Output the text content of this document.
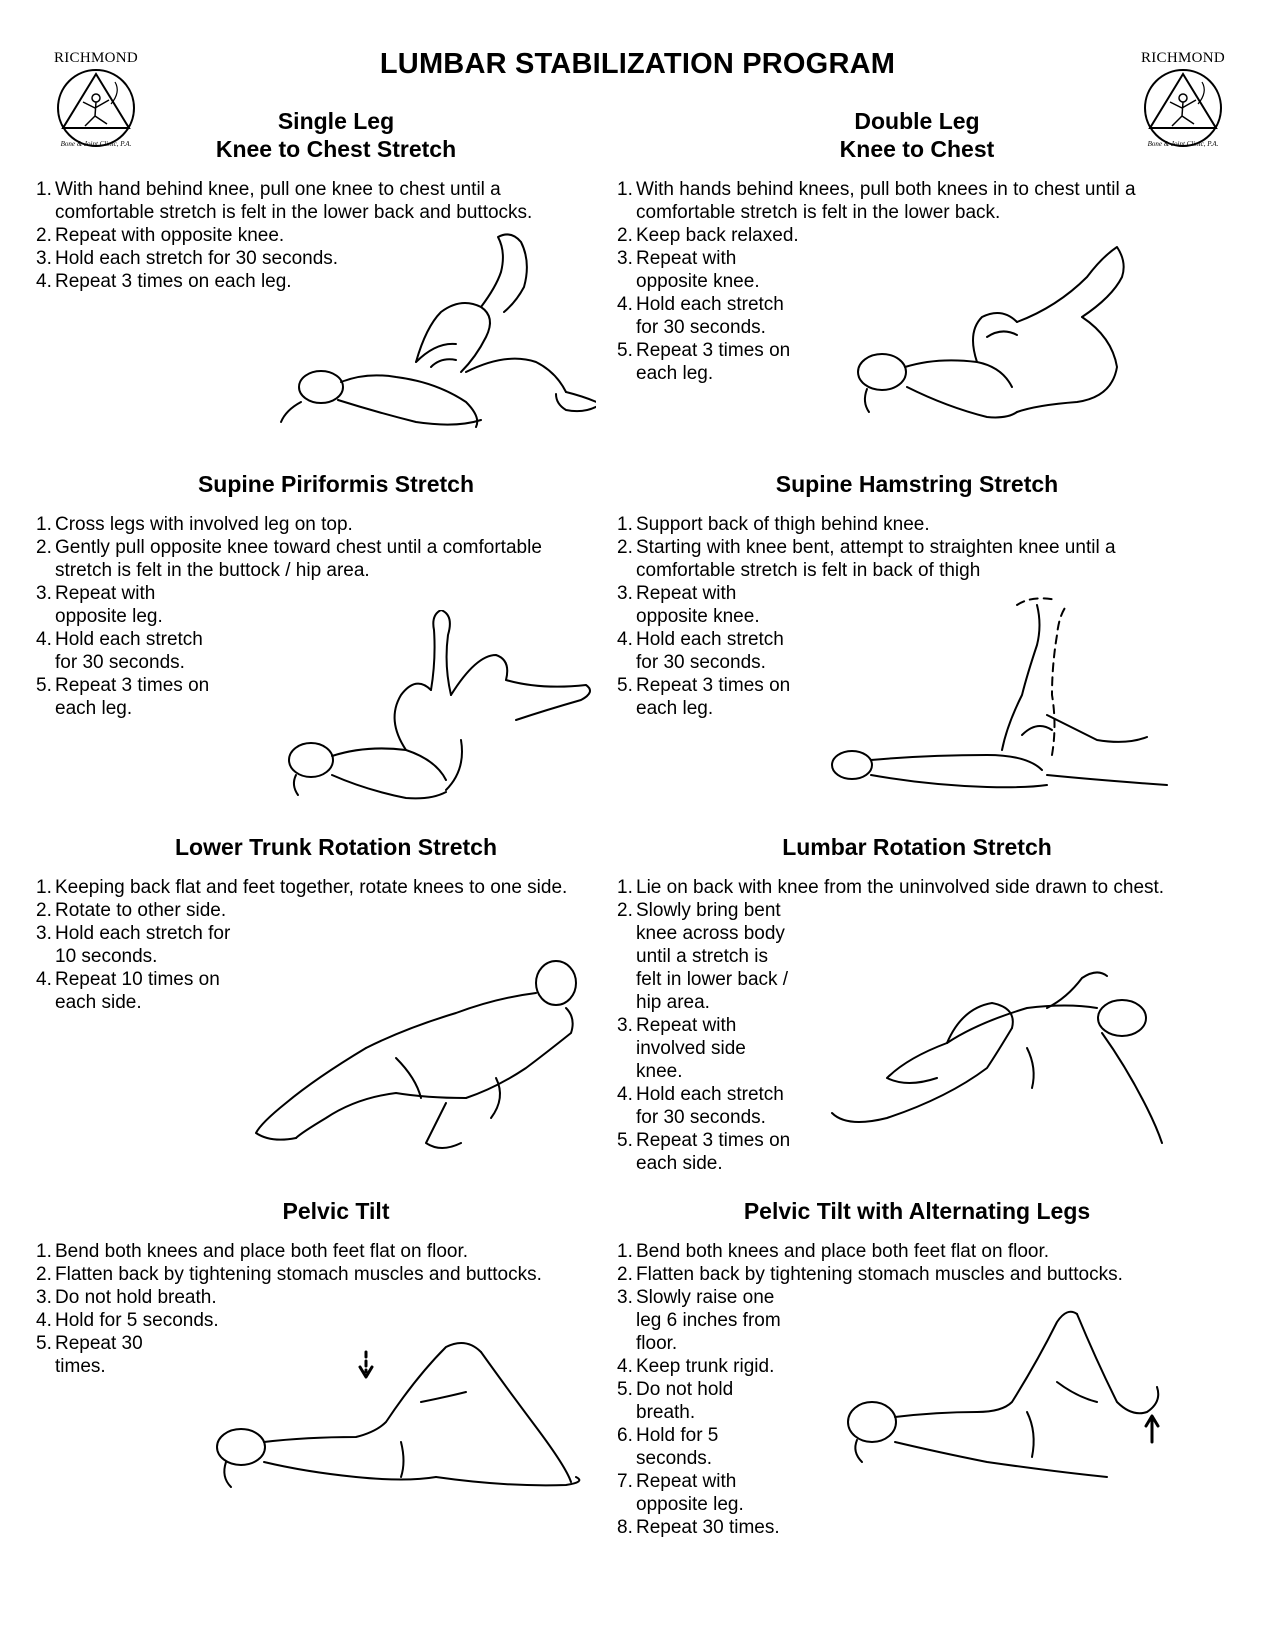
LUMBAR STABILIZATION PROGRAM
RICHMOND
Bone & Joint Clinic, P.A.
RICHMOND
Bone & Joint Clinic, P.A.
Single Leg
Knee to Chest Stretch
1. With hand behind knee, pull one knee to chest until a comfortable stretch is felt in the lower back and buttocks.
2. Repeat with opposite knee.
3. Hold each stretch for 30 seconds.
4. Repeat 3 times on each leg.
Double Leg
Knee to Chest
1. With hands behind knees, pull both knees in to chest until a comfortable stretch is felt in the lower back.
2. Keep back relaxed.
3. Repeat with opposite knee.
4. Hold each stretch for 30 seconds.
5. Repeat 3 times on each leg.
Supine Piriformis Stretch
1. Cross legs with involved leg on top.
2. Gently pull opposite knee toward chest until a comfortable stretch is felt in the buttock / hip area.
3. Repeat with opposite leg.
4. Hold each stretch for 30 seconds.
5. Repeat 3 times on each leg.
Supine Hamstring Stretch
1. Support back of thigh behind knee.
2. Starting with knee bent, attempt to straighten knee until a comfortable stretch is felt in back of thigh
3. Repeat with opposite knee.
4. Hold each stretch for 30 seconds.
5. Repeat 3 times on each leg.
Lower Trunk Rotation Stretch
1. Keeping back flat and feet together, rotate knees to one side.
2. Rotate to other side.
3. Hold each stretch for 10 seconds.
4. Repeat 10 times on each side.
Lumbar Rotation Stretch
1. Lie on back with knee from the uninvolved side drawn to chest.
2. Slowly bring bent knee across body until a stretch is felt in lower back / hip area.
3. Repeat with involved side knee.
4. Hold each stretch for 30 seconds.
5. Repeat 3 times on each side.
Pelvic Tilt
1. Bend both knees and place both feet flat on floor.
2. Flatten back by tightening stomach muscles and buttocks.
3. Do not hold breath.
4. Hold for 5 seconds.
5. Repeat 30 times.
Pelvic Tilt with Alternating Legs
1. Bend both knees and place both feet flat on floor.
2. Flatten back by tightening stomach muscles and buttocks.
3. Slowly raise one leg 6 inches from floor.
4. Keep trunk rigid.
5. Do not hold breath.
6. Hold for 5 seconds.
7. Repeat with opposite leg.
8. Repeat 30 times.
